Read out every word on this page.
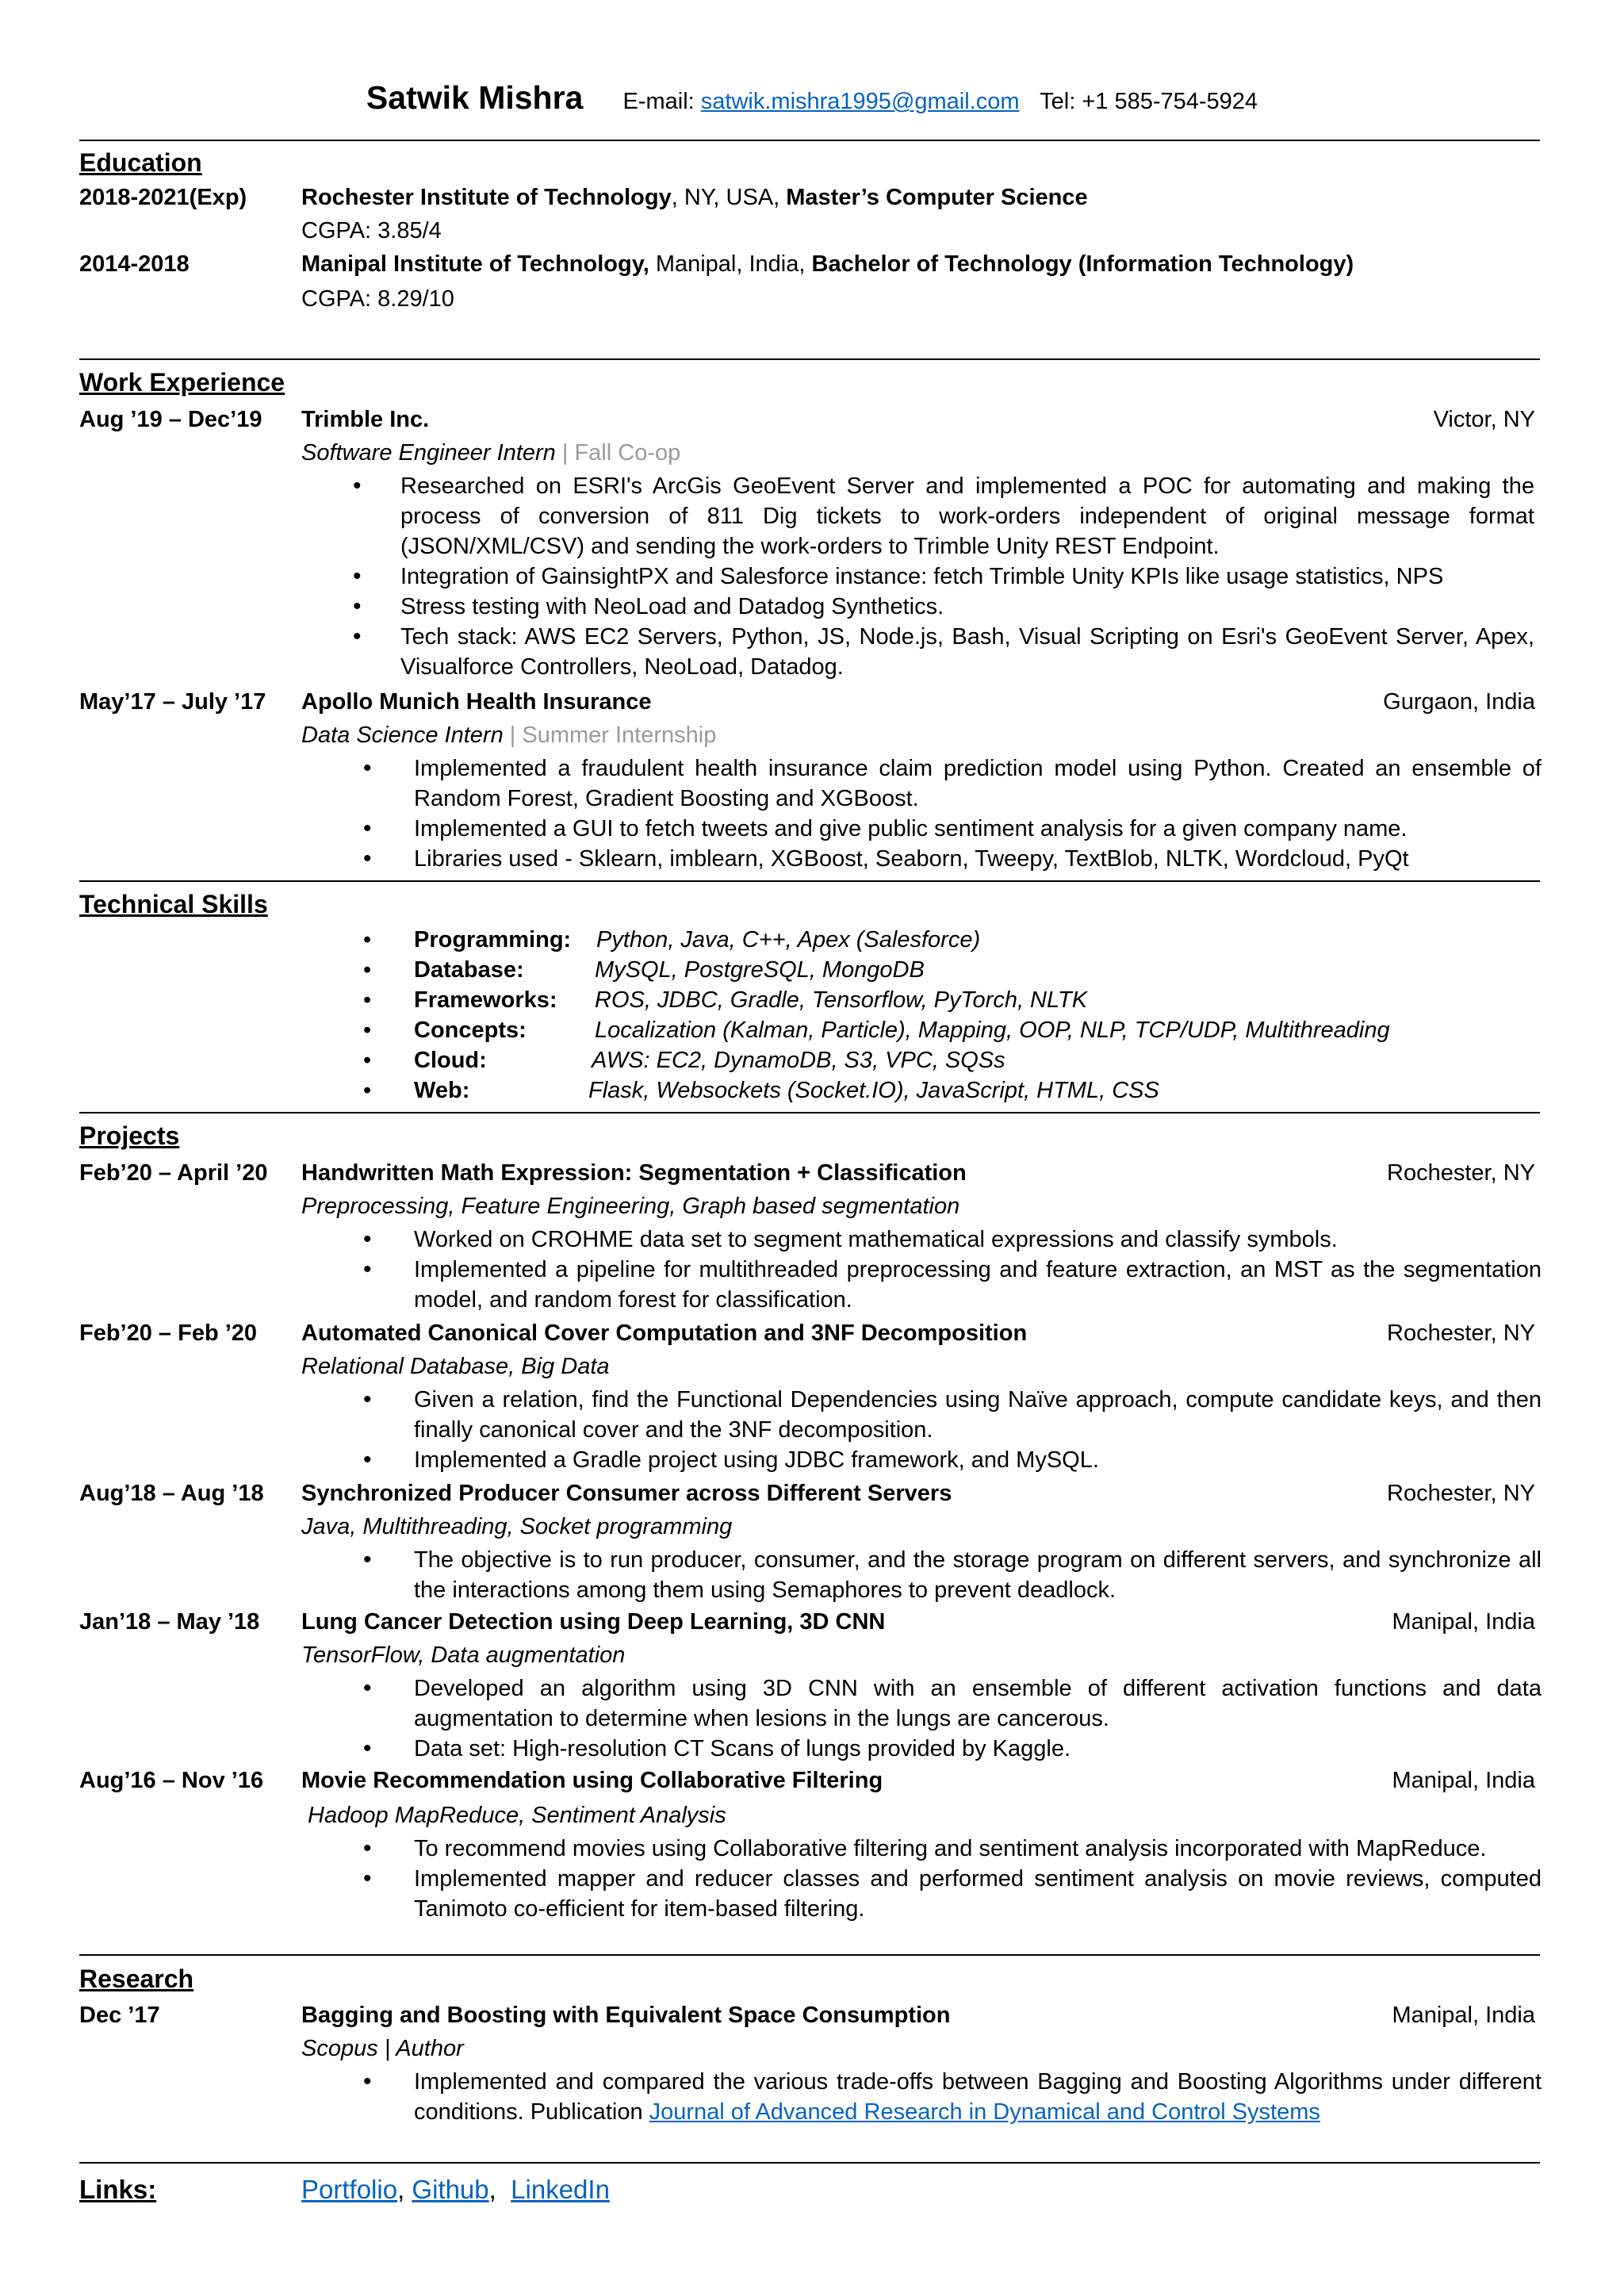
Satwik Mishra E-mail: satwik.mishra1995@gmail.com Tel: +1 585-754-5924
Education
2018-2021(Exp) Rochester Institute of Technology, NY, USA, Master’s Computer Science
CGPA: 3.85/4
2014-2018	Manipal Institute of Technology, Manipal, India, Bachelor of Technology (Information Technology)
CGPA: 8.29/10
Work Experience
Aug ’19 – Dec’19 Trimble Inc.	Victor, NY
Software Engineer Intern | Fall Co-op
• Researched on ESRI's ArcGis GeoEvent Server and implemented a POC for automating and making the process of conversion of 811 Dig tickets to work-orders independent of original message format (JSON/XML/CSV) and sending the work-orders to Trimble Unity REST Endpoint.
• Integration of GainsightPX and Salesforce instance: fetch Trimble Unity KPIs like usage statistics, NPS
• Stress testing with NeoLoad and Datadog Synthetics.
• Tech stack: AWS EC2 Servers, Python, JS, Node.js, Bash, Visual Scripting on Esri's GeoEvent Server, Apex, Visualforce Controllers, NeoLoad, Datadog.
May’17 – July ’17 Apollo Munich Health Insurance	Gurgaon, India
Data Science Intern | Summer Internship
• Implemented a fraudulent health insurance claim prediction model using Python. Created an ensemble of Random Forest, Gradient Boosting and XGBoost.
• Implemented a GUI to fetch tweets and give public sentiment analysis for a given company name.
• Libraries used - Sklearn, imblearn, XGBoost, Seaborn, Tweepy, TextBlob, NLTK, Wordcloud, PyQt
Technical Skills
• Programming: Python, Java, C++, Apex (Salesforce)
• Database:	MySQL, PostgreSQL, MongoDB
• Frameworks: ROS, JDBC, Gradle, Tensorflow, PyTorch, NLTK
• Concepts:	Localization (Kalman, Particle), Mapping, OOP, NLP, TCP/UDP, Multithreading
• Cloud:	AWS: EC2, DynamoDB, S3, VPC, SQSs
• Web:	Flask, Websockets (Socket.IO), JavaScript, HTML, CSS
Projects
Feb’20 – April ’20 Handwritten Math Expression: Segmentation + Classification	Rochester, NY
Preprocessing, Feature Engineering, Graph based segmentation
• Worked on CROHME data set to segment mathematical expressions and classify symbols.
• Implemented a pipeline for multithreaded preprocessing and feature extraction, an MST as the segmentation model, and random forest for classification.
Feb’20 – Feb ’20 Automated Canonical Cover Computation and 3NF Decomposition	Rochester, NY
Relational Database, Big Data
• Given a relation, find the Functional Dependencies using Naïve approach, compute candidate keys, and then finally canonical cover and the 3NF decomposition.
• Implemented a Gradle project using JDBC framework, and MySQL.
Aug’18 – Aug ’18 Synchronized Producer Consumer across Different Servers	Rochester, NY
Java, Multithreading, Socket programming
• The objective is to run producer, consumer, and the storage program on different servers, and synchronize all the interactions among them using Semaphores to prevent deadlock.
Jan’18 – May ’18 Lung Cancer Detection using Deep Learning, 3D CNN	Manipal, India
TensorFlow, Data augmentation
• Developed an algorithm using 3D CNN with an ensemble of different activation functions and data augmentation to determine when lesions in the lungs are cancerous.
• Data set: High-resolution CT Scans of lungs provided by Kaggle.
Aug’16 – Nov ’16 Movie Recommendation using Collaborative Filtering	Manipal, India
Hadoop MapReduce, Sentiment Analysis
• To recommend movies using Collaborative filtering and sentiment analysis incorporated with MapReduce.
• Implemented mapper and reducer classes and performed sentiment analysis on movie reviews, computed Tanimoto co-efficient for item-based filtering.
Research
Dec ’17	Bagging and Boosting with Equivalent Space Consumption	Manipal, India
Scopus | Author
• Implemented and compared the various trade-offs between Bagging and Boosting Algorithms under different conditions. Publication Journal of Advanced Research in Dynamical and Control Systems
Links:	Portfolio, Github,  LinkedIn
